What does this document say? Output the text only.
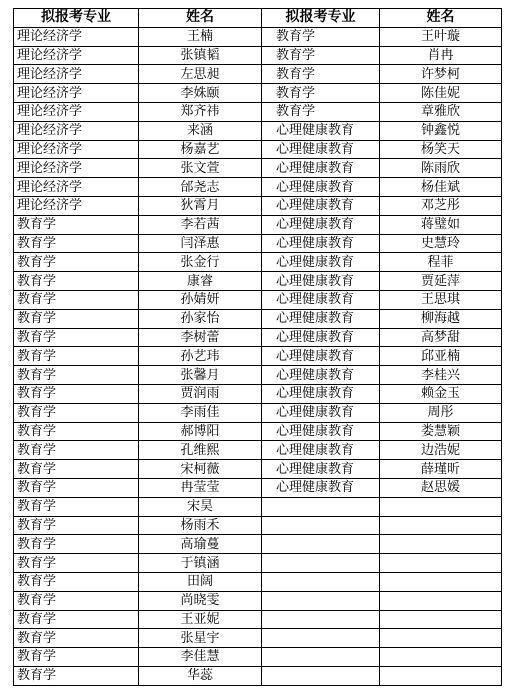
拟报考专业	姓名	拟报考专业	姓名
理论经济学	王楠	教育学	王叶璇
理论经济学	张镇韬	教育学	肖冉
理论经济学	左思昶	教育学	许梦柯
理论经济学	李姝颐	教育学	陈佳妮
理论经济学	郑齐祎	教育学	章雅欣
理论经济学	来涵	心理健康教育	钟鑫悦
理论经济学	杨嘉艺	心理健康教育	杨笑天
理论经济学	张文萱	心理健康教育	陈雨欣
理论经济学	邰尧志	心理健康教育	杨佳斌
理论经济学	狄霄月	心理健康教育	邓芝彤
教育学	李若茜	心理健康教育	蒋璧如
教育学	闫泽惠	心理健康教育	史慧玲
教育学	张金行	心理健康教育	程菲
教育学	康睿	心理健康教育	贾延萍
教育学	孙婧妍	心理健康教育	王思琪
教育学	孙家怡	心理健康教育	柳海越
教育学	李树蕾	心理健康教育	高梦甜
教育学	孙艺玮	心理健康教育	邱亚楠
教育学	张馨月	心理健康教育	李桂兴
教育学	贾润雨	心理健康教育	赖金玉
教育学	李雨佳	心理健康教育	周彤
教育学	郝博阳	心理健康教育	娄慧颖
教育学	孔维熙	心理健康教育	边浩妮
教育学	宋柯薇	心理健康教育	薛瑾昕
教育学	冉莹莹	心理健康教育	赵思媛
教育学	宋昊		
教育学	杨雨禾		
教育学	高瑜蔓		
教育学	于镇涵		
教育学	田阔		
教育学	尚晓雯		
教育学	王亚妮		
教育学	张星宇		
教育学	李佳慧		
教育学	华蕊		
